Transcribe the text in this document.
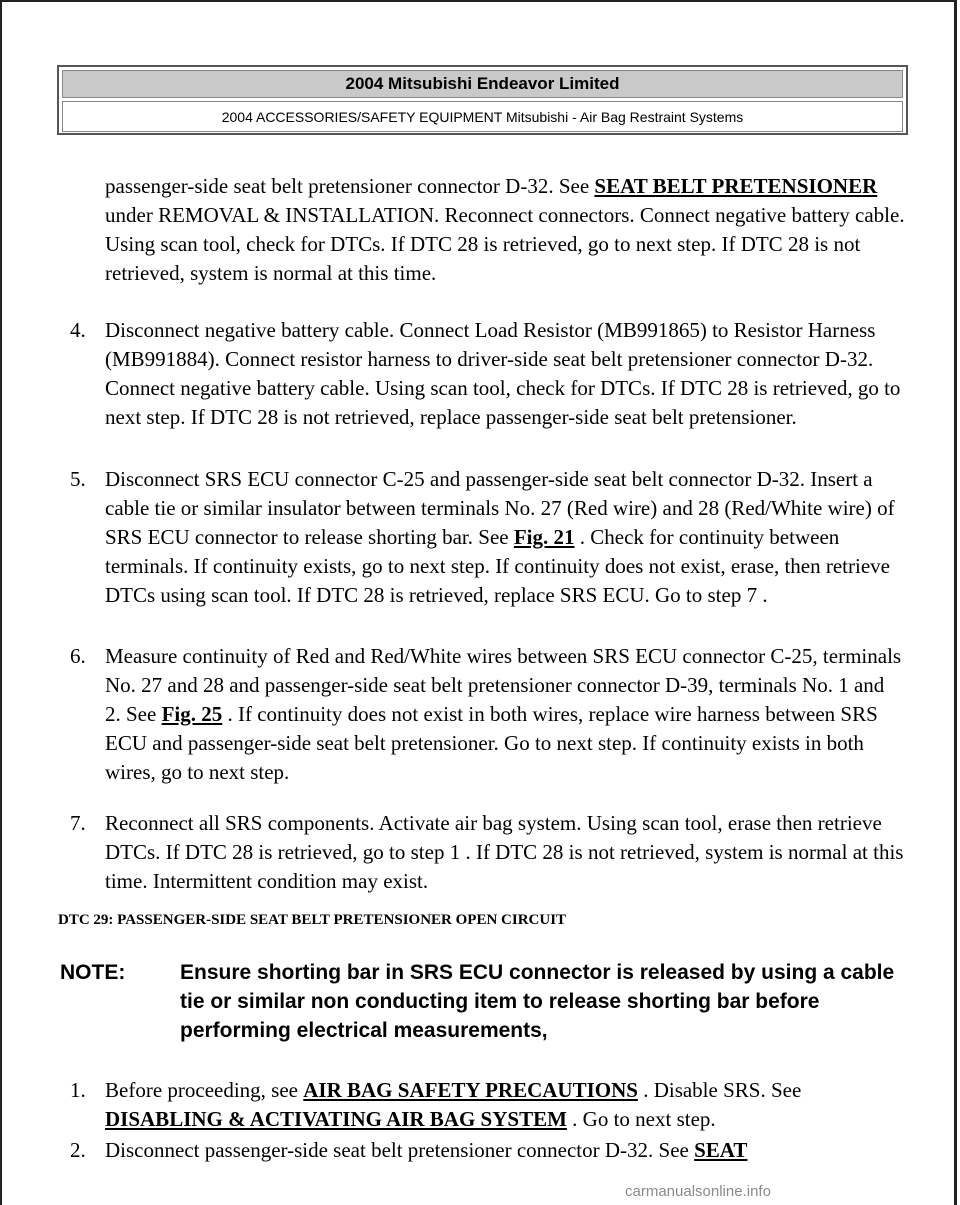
2004 Mitsubishi Endeavor Limited
2004 ACCESSORIES/SAFETY EQUIPMENT Mitsubishi - Air Bag Restraint Systems
passenger-side seat belt pretensioner connector D-32. See SEAT BELT PRETENSIONER under REMOVAL & INSTALLATION. Reconnect connectors. Connect negative battery cable. Using scan tool, check for DTCs. If DTC 28 is retrieved, go to next step. If DTC 28 is not retrieved, system is normal at this time.
4. Disconnect negative battery cable. Connect Load Resistor (MB991865) to Resistor Harness (MB991884). Connect resistor harness to driver-side seat belt pretensioner connector D-32. Connect negative battery cable. Using scan tool, check for DTCs. If DTC 28 is retrieved, go to next step. If DTC 28 is not retrieved, replace passenger-side seat belt pretensioner.
5. Disconnect SRS ECU connector C-25 and passenger-side seat belt connector D-32. Insert a cable tie or similar insulator between terminals No. 27 (Red wire) and 28 (Red/White wire) of SRS ECU connector to release shorting bar. See Fig. 21 . Check for continuity between terminals. If continuity exists, go to next step. If continuity does not exist, erase, then retrieve DTCs using scan tool. If DTC 28 is retrieved, replace SRS ECU. Go to step 7 .
6. Measure continuity of Red and Red/White wires between SRS ECU connector C-25, terminals No. 27 and 28 and passenger-side seat belt pretensioner connector D-39, terminals No. 1 and 2. See Fig. 25 . If continuity does not exist in both wires, replace wire harness between SRS ECU and passenger-side seat belt pretensioner. Go to next step. If continuity exists in both wires, go to next step.
7. Reconnect all SRS components. Activate air bag system. Using scan tool, erase then retrieve DTCs. If DTC 28 is retrieved, go to step 1 . If DTC 28 is not retrieved, system is normal at this time. Intermittent condition may exist.
DTC 29: PASSENGER-SIDE SEAT BELT PRETENSIONER OPEN CIRCUIT
NOTE:	Ensure shorting bar in SRS ECU connector is released by using a cable tie or similar non conducting item to release shorting bar before performing electrical measurements,
1. Before proceeding, see AIR BAG SAFETY PRECAUTIONS . Disable SRS. See DISABLING & ACTIVATING AIR BAG SYSTEM . Go to next step.
2. Disconnect passenger-side seat belt pretensioner connector D-32. See SEAT
carmanualsonline.info
